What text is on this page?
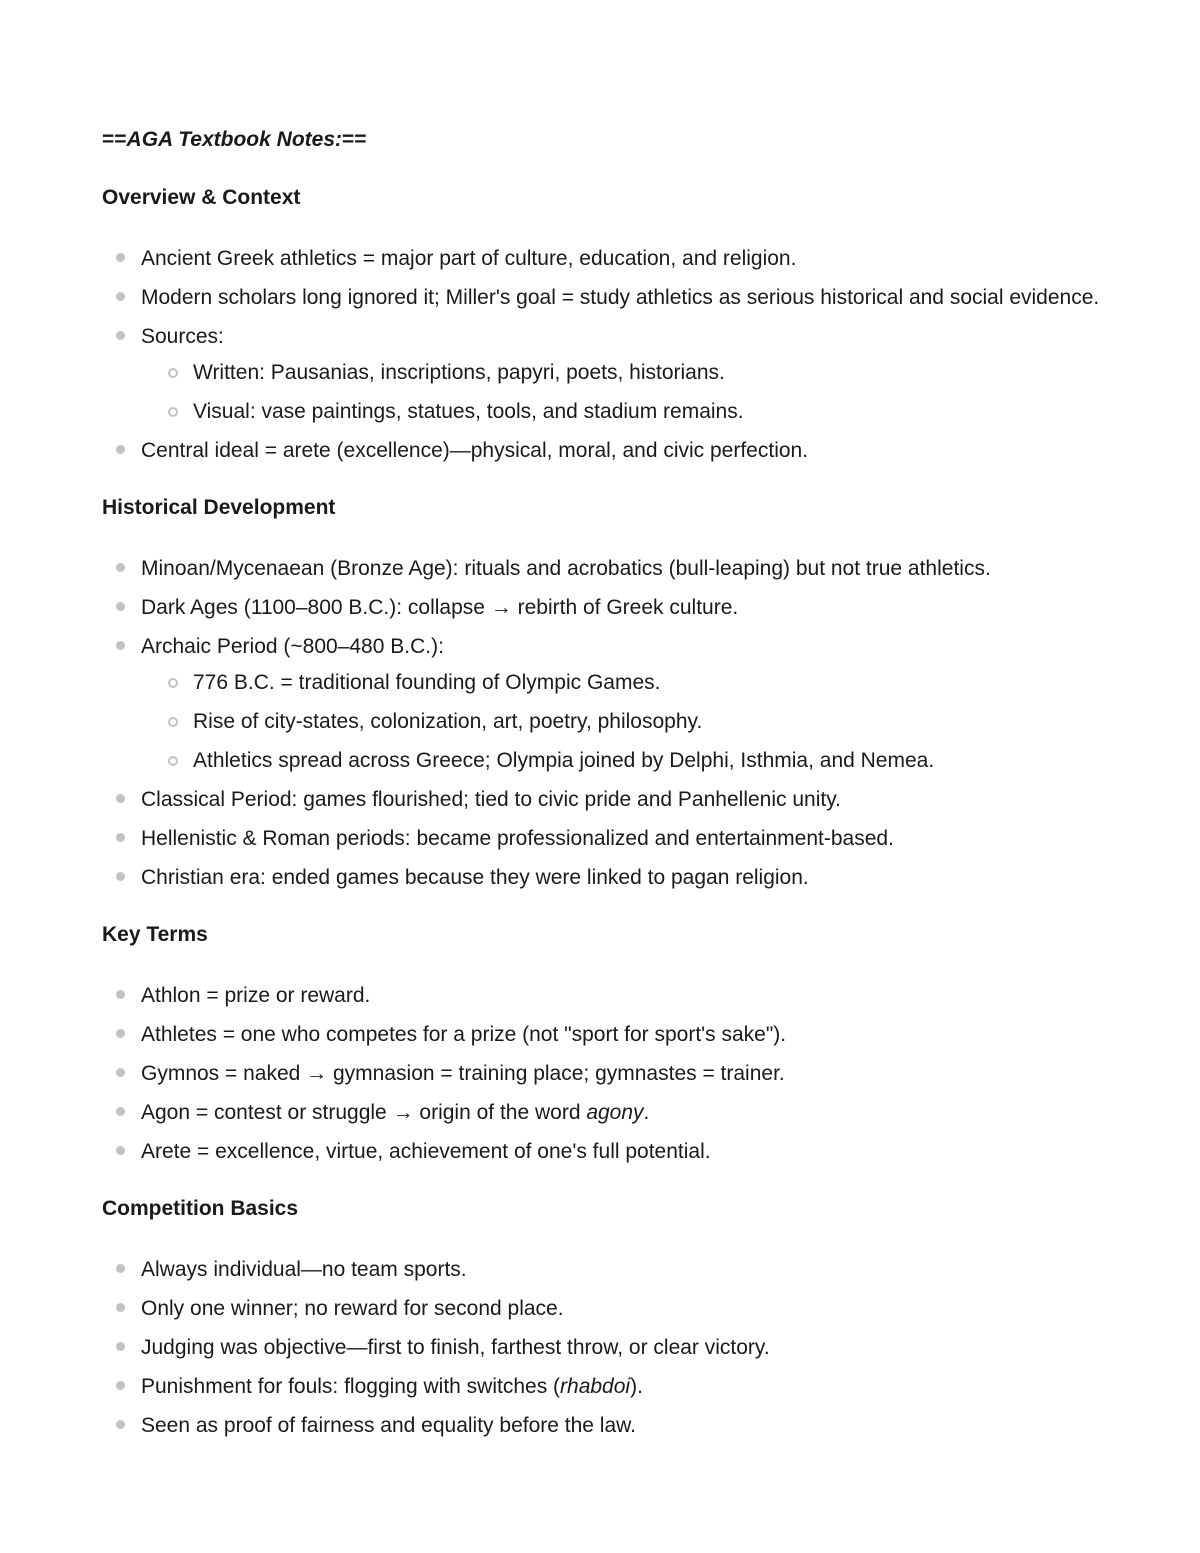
==AGA Textbook Notes:==
Overview & Context
Ancient Greek athletics = major part of culture, education, and religion.
Modern scholars long ignored it; Miller's goal = study athletics as serious historical and social evidence.
Sources:
Written: Pausanias, inscriptions, papyri, poets, historians.
Visual: vase paintings, statues, tools, and stadium remains.
Central ideal = arete (excellence)—physical, moral, and civic perfection.
Historical Development
Minoan/Mycenaean (Bronze Age): rituals and acrobatics (bull-leaping) but not true athletics.
Dark Ages (1100–800 B.C.): collapse → rebirth of Greek culture.
Archaic Period (~800–480 B.C.):
776 B.C. = traditional founding of Olympic Games.
Rise of city-states, colonization, art, poetry, philosophy.
Athletics spread across Greece; Olympia joined by Delphi, Isthmia, and Nemea.
Classical Period: games flourished; tied to civic pride and Panhellenic unity.
Hellenistic & Roman periods: became professionalized and entertainment-based.
Christian era: ended games because they were linked to pagan religion.
Key Terms
Athlon = prize or reward.
Athletes = one who competes for a prize (not "sport for sport's sake").
Gymnos = naked → gymnasion = training place; gymnastes = trainer.
Agon = contest or struggle → origin of the word agony.
Arete = excellence, virtue, achievement of one's full potential.
Competition Basics
Always individual—no team sports.
Only one winner; no reward for second place.
Judging was objective—first to finish, farthest throw, or clear victory.
Punishment for fouls: flogging with switches (rhabdoi).
Seen as proof of fairness and equality before the law.
